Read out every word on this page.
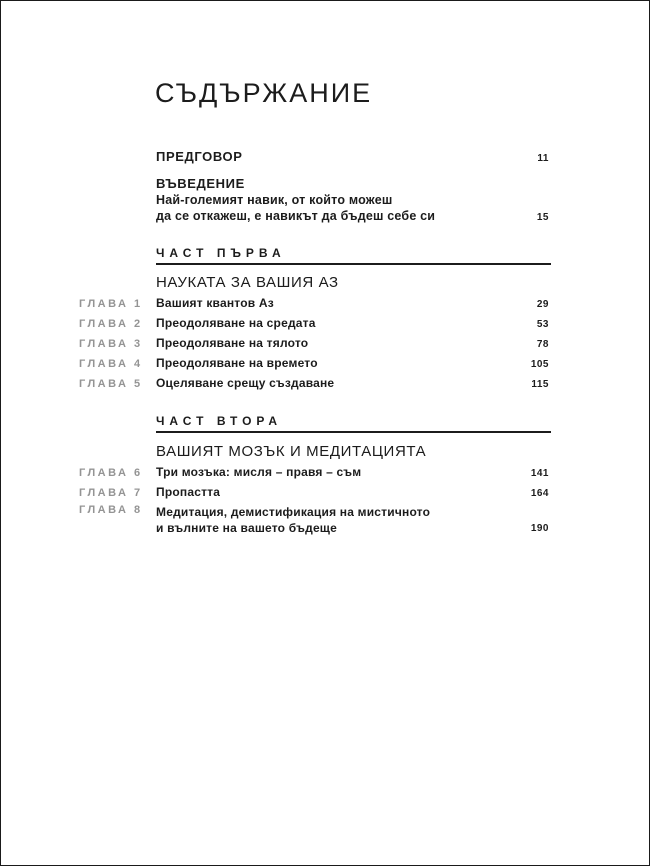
СЪДЪРЖАНИЕ
ПРЕДГОВОР	11
ВЪВЕДЕНИЕ
Най-големият навик, от който можеш
да се откажеш, е навикът да бъдеш себе си	15
ЧАСТ ПЪРВА
НАУКАТА ЗА ВАШИЯ АЗ
ГЛАВА 1	Вашият квантов Аз	29
ГЛАВА 2	Преодоляване на средата	53
ГЛАВА 3	Преодоляване на тялото	78
ГЛАВА 4	Преодоляване на времето	105
ГЛАВА 5	Оцеляване срещу създаване	115
ЧАСТ ВТОРА
ВАШИЯТ МОЗЪК И МЕДИТАЦИЯТА
ГЛАВА 6	Три мозъка: мисля – правя – съм	141
ГЛАВА 7	Пропастта	164
ГЛАВА 8	Медитация, демистификация на мистичното
и вълните на вашето бъдеще	190
